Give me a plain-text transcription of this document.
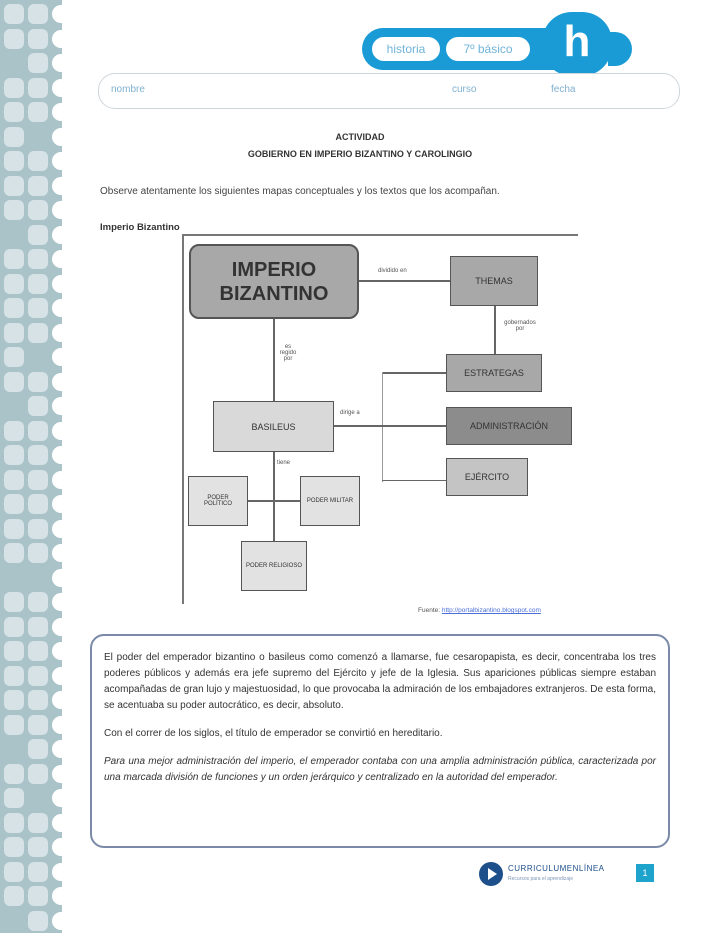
historia	7º básico	h
nombre	curso	fecha
ACTIVIDAD
GOBIERNO EN IMPERIO BIZANTINO Y CAROLINGIO
Observe atentamente los siguientes mapas conceptuales y los textos que los acompañan.
Imperio Bizantino
dividido en
gobernados por
es regido por
dirige a
tiene
IMPERIO BIZANTINO
THEMAS
ESTRATEGAS
BASILEUS	ADMINISTRACIÓN
EJÉRCITO
PODER POLÍTICO	PODER MILITAR
PODER RELIGIOSO
Fuente: http://portalbizantino.blogspot.com

El poder del emperador bizantino o basileus como comenzó a llamarse, fue cesaropapista, es decir, concentraba los tres poderes públicos y además era jefe supremo del Ejército y jefe de la Iglesia. Sus apariciones públicas siempre estaban acompañadas de gran lujo y majestuosidad, lo que provocaba la admiración de los embajadores extranjeros. De esta forma, se acentuaba su poder autocrático, es decir, absoluto.

Con el correr de los siglos, el título de emperador se convirtió en hereditario.

Para una mejor administración del imperio, el emperador contaba con una amplia administración pública, caracterizada por una marcada división de funciones y un orden jerárquico y centralizado en la autoridad del emperador.

CURRICULUMENLÍNEA
Recursos para el aprendizaje
1
